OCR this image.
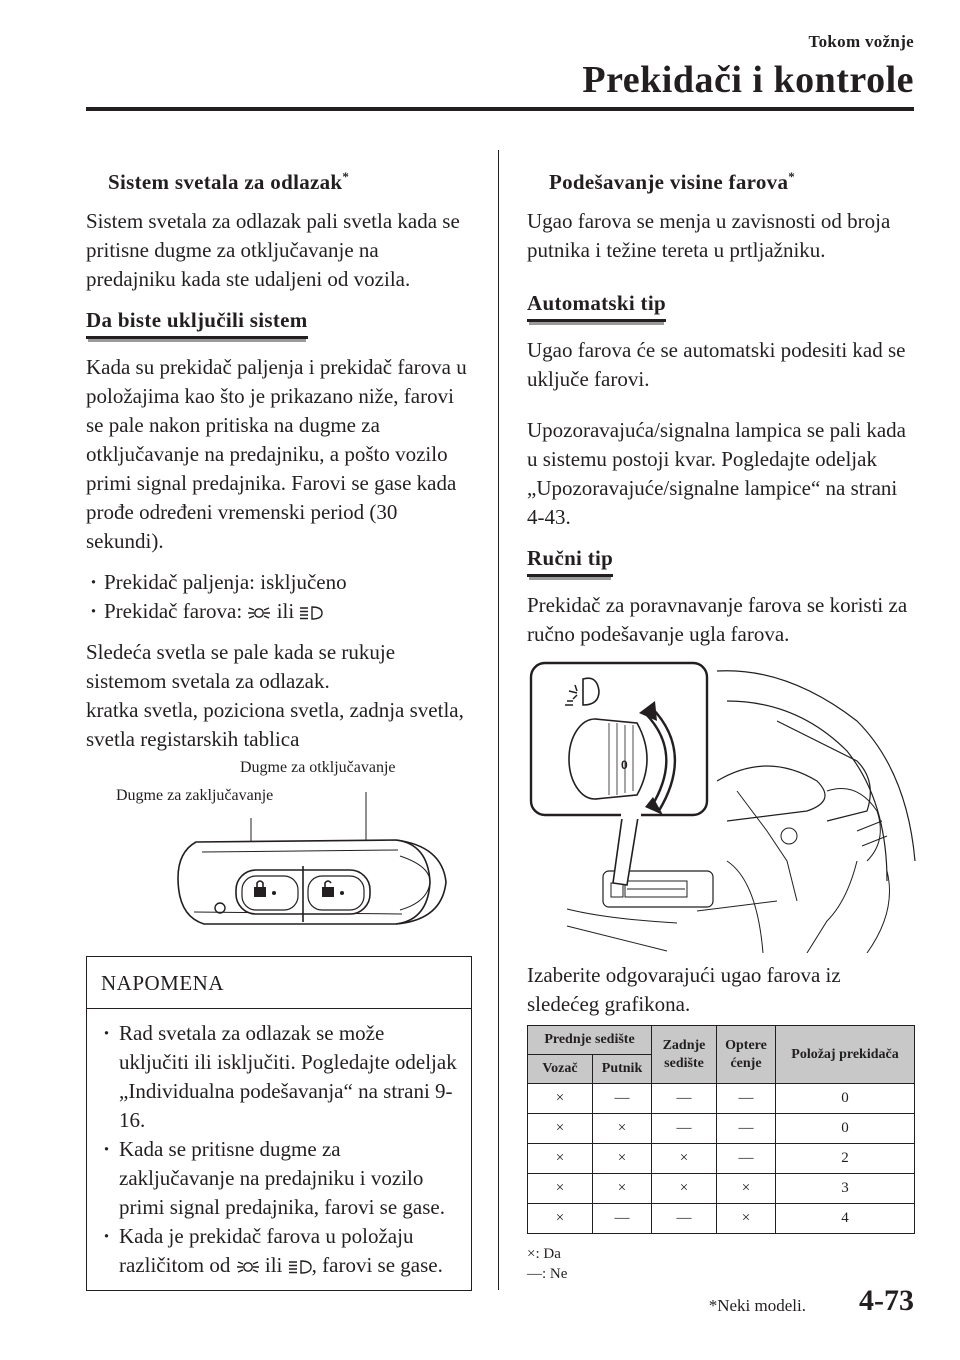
Tokom vožnje
Prekidači i kontrole
Sistem svetala za odlazak*

Sistem svetala za odlazak pali svetla kada se pritisne dugme za otključavanje na predajniku kada ste udaljeni od vozila.

Da biste uključili sistem

Kada su prekidač paljenja i prekidač farova u položajima kao što je prikazano niže, farovi se pale nakon pritiska na dugme za otključavanje na predajniku, a pošto vozilo primi signal predajnika. Farovi se gase kada prođe određeni vremenski period (30 sekundi).

· Prekidač paljenja: isključeno
· Prekidač farova: ili

Sledeća svetla se pale kada se rukuje sistemom svetala za odlazak.

kratka svetla, poziciona svetla, zadnja svetla, svetla registarskih tablica

Dugme za otključavanje
Dugme za zaključavanje
NAPOMENA
· Rad svetala za odlazak se može uključiti ili isključiti. Pogledajte odeljak „Individualna podešavanja“ na strani 9-16.
· Kada se pritisne dugme za zaključavanje na predajniku i vozilo primi signal predajnika, farovi se gase.
· Kada je prekidač farova u položaju različitom od ili , farovi se gase.
Podešavanje visine farova*

Ugao farova se menja u zavisnosti od broja putnika i težine tereta u prtljažniku.

Automatski tip

Ugao farova će se automatski podesiti kad se uključe farovi.

Upozoravajuća/signalna lampica se pali kada u sistemu postoji kvar. Pogledajte odeljak „Upozoravajuće/signalne lampice“ na strani 4-43.

Ručni tip

Prekidač za poravnavanje farova se koristi za ručno podešavanje ugla farova.

0

Izaberite odgovarajući ugao farova iz sledećeg grafikona.

Prednje sedište		Zadnje sedište	Optere ćenje	Položaj prekidača
Vozač	Putnik			
×	—	—	—	0
×	×	—	—	0
×	×	×	—	2
×	×	×	×	3
×	—	—	×	4
×: Da
—: Ne
*Neki modeli. 4-73
